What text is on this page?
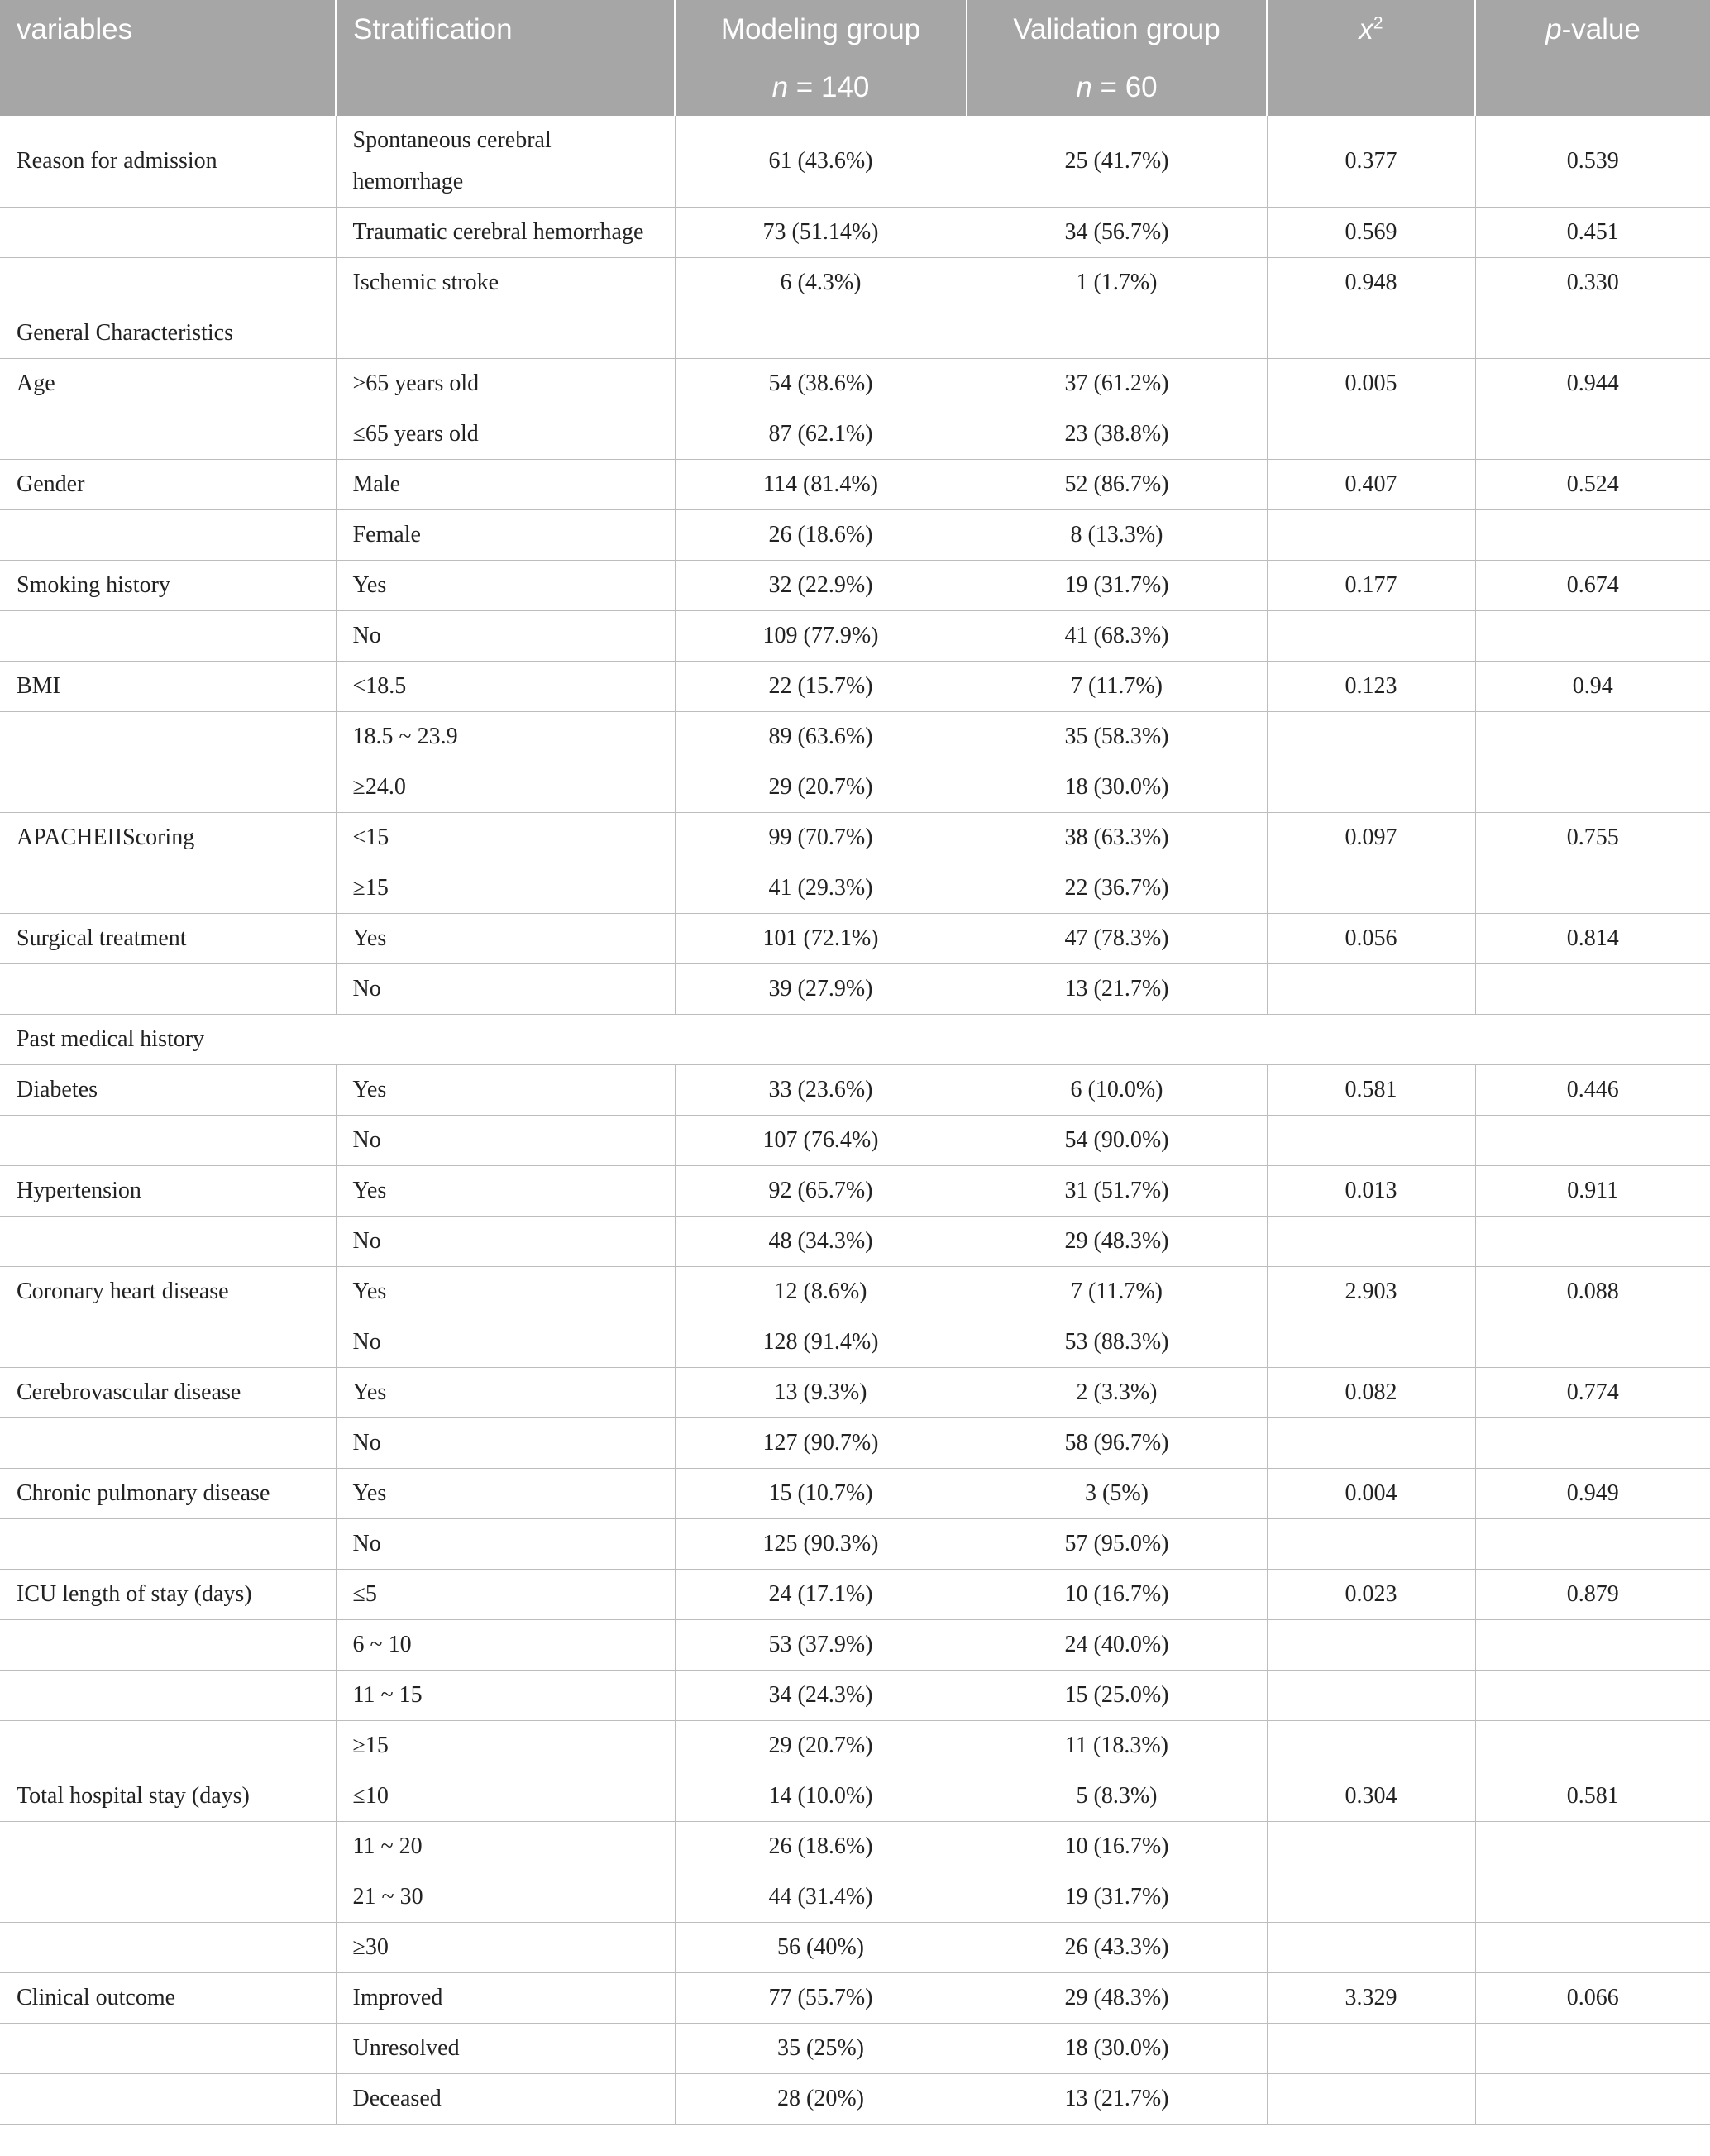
variables	Stratification	Modeling group	Validation group	$x^2$	p-value
		n = 140	n = 60		
Reason for admission	Spontaneous cerebral hemorrhage	61 (43.6%)	25 (41.7%)	0.377	0.539
	Traumatic cerebral hemorrhage	73 (51.14%)	34 (56.7%)	0.569	0.451
	Ischemic stroke	6 (4.3%)	1 (1.7%)	0.948	0.330
General Characteristics					
Age	>65 years old	54 (38.6%)	37 (61.2%)	0.005	0.944
	≤65 years old	87 (62.1%)	23 (38.8%)		
Gender	Male	114 (81.4%)	52 (86.7%)	0.407	0.524
	Female	26 (18.6%)	8 (13.3%)		
Smoking history	Yes	32 (22.9%)	19 (31.7%)	0.177	0.674
	No	109 (77.9%)	41 (68.3%)		
BMI	<18.5	22 (15.7%)	7 (11.7%)	0.123	0.94
	18.5 ~ 23.9	89 (63.6%)	35 (58.3%)		
	≥24.0	29 (20.7%)	18 (30.0%)		
APACHEIIScoring	<15	99 (70.7%)	38 (63.3%)	0.097	0.755
	≥15	41 (29.3%)	22 (36.7%)		
Surgical treatment	Yes	101 (72.1%)	47 (78.3%)	0.056	0.814
	No	39 (27.9%)	13 (21.7%)		
Past medical history					
Diabetes	Yes	33 (23.6%)	6 (10.0%)	0.581	0.446
	No	107 (76.4%)	54 (90.0%)		
Hypertension	Yes	92 (65.7%)	31 (51.7%)	0.013	0.911
	No	48 (34.3%)	29 (48.3%)		
Coronary heart disease	Yes	12 (8.6%)	7 (11.7%)	2.903	0.088
	No	128 (91.4%)	53 (88.3%)		
Cerebrovascular disease	Yes	13 (9.3%)	2 (3.3%)	0.082	0.774
	No	127 (90.7%)	58 (96.7%)		
Chronic pulmonary disease	Yes	15 (10.7%)	3 (5%)	0.004	0.949
	No	125 (90.3%)	57 (95.0%)		
ICU length of stay (days)	≤5	24 (17.1%)	10 (16.7%)	0.023	0.879
	6 ~ 10	53 (37.9%)	24 (40.0%)		
	11 ~ 15	34 (24.3%)	15 (25.0%)		
	≥15	29 (20.7%)	11 (18.3%)		
Total hospital stay (days)	≤10	14 (10.0%)	5 (8.3%)	0.304	0.581
	11 ~ 20	26 (18.6%)	10 (16.7%)		
	21 ~ 30	44 (31.4%)	19 (31.7%)		
	≥30	56 (40%)	26 (43.3%)		
Clinical outcome	Improved	77 (55.7%)	29 (48.3%)	3.329	0.066
	Unresolved	35 (25%)	18 (30.0%)		
	Deceased	28 (20%)	13 (21.7%)		
